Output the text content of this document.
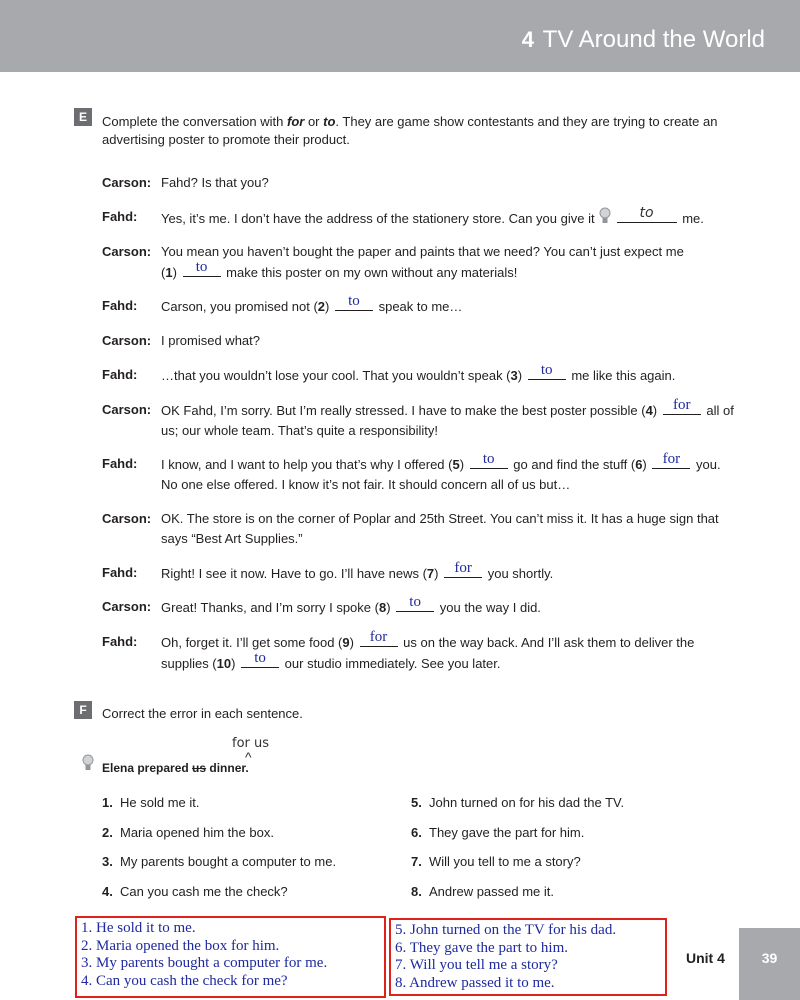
4 TV Around the World
E	Complete the conversation with for or to. They are game show contestants and they are trying to create an advertising poster to promote their product.
Carson: Fahd? Is that you?
Fahd:	Yes, it’s me. I don’t have the address of the stationery store. Can you give it	to	me.
Carson: You mean you haven’t bought the paper and paints that we need? You can’t just expect me
(1)	to	make this poster on my own without any materials!
Fahd:	Carson, you promised not (2)	to	speak to me…
Carson: I promised what?
Fahd:	…that you wouldn’t lose your cool. That you wouldn’t speak (3)	to	me like this again.
Carson: OK Fahd, I’m sorry. But I’m really stressed. I have to make the best poster possible (4) for all of
us; our whole team. That’s quite a responsibility!
Fahd:	I know, and I want to help you that’s why I offered (5)	to	go and find the stuff (6) for you.
No one else offered. I know it’s not fair. It should concern all of us but…
Carson: OK. The store is on the corner of Poplar and 25th Street. You can’t miss it. It has a huge sign that
says “Best Art Supplies.”
Fahd:	Right! I see it now. Have to go. I’ll have news (7) for you shortly.
Carson: Great! Thanks, and I’m sorry I spoke (8)	to	you the way I did.
Fahd:	Oh, forget it. I’ll get some food (9) for us on the way back. And I’ll ask them to deliver the
supplies (10)	to	our studio immediately. See you later.
F	Correct the error in each sentence.
for us
^
Elena prepared us dinner.
1. He sold me it.
2. Maria opened him the box.
3. My parents bought a computer to me.
4. Can you cash me the check?
5. John turned on for his dad the TV.
6. They gave the part for him.
7. Will you tell to me a story?
8. Andrew passed me it.
1. He sold it to me.
2. Maria opened the box for him.
3. My parents bought a computer for me.
4. Can you cash the check for me?
5. John turned on the TV for his dad.
6. They gave the part to him.
7. Will you tell me a story?
8. Andrew passed it to me.
Unit 4	39
